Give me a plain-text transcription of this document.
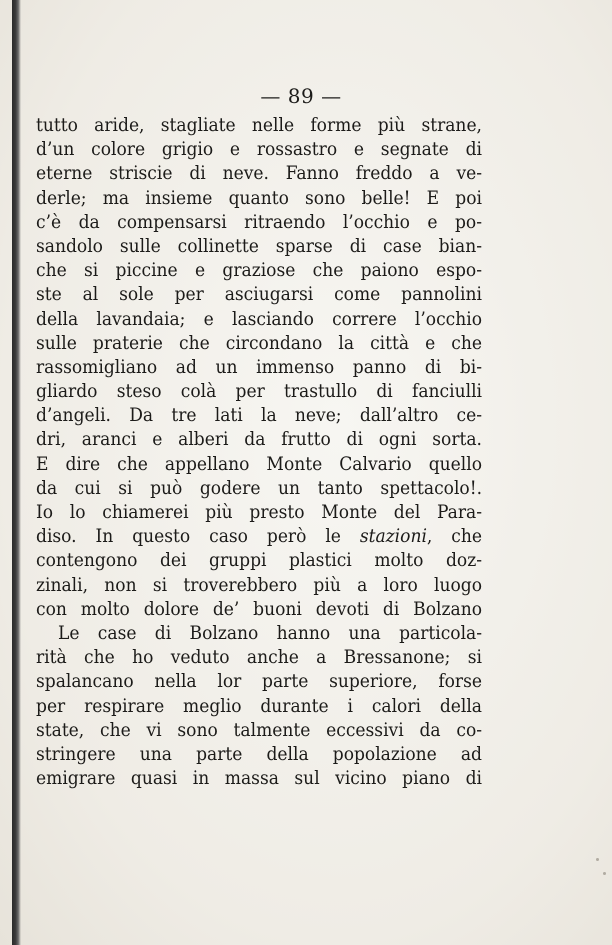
— 89 —
tutto aride, stagliate nelle forme più strane,
d’un colore grigio e rossastro e segnate di
eterne striscie di neve. Fanno freddo a ve-
derle; ma insieme quanto sono belle! E poi
c’è da compensarsi ritraendo l’occhio e po-
sandolo sulle collinette sparse di case bian-
che si piccine e graziose che paiono espo-
ste al sole per asciugarsi come pannolini
della lavandaia; e lasciando correre l’occhio
sulle praterie che circondano la città e che
rassomigliano ad un immenso panno di bi-
gliardo steso colà per trastullo di fanciulli
d’angeli. Da tre lati la neve; dall’altro ce-
dri, aranci e alberi da frutto di ogni sorta.
E dire che appellano Monte Calvario quello
da cui si può godere un tanto spettacolo!.
Io lo chiamerei più presto Monte del Para-
diso. In questo caso però le stazioni, che
contengono dei gruppi plastici molto doz-
zinali, non si troverebbero più a loro luogo
con molto dolore de’ buoni devoti di Bolzano
Le case di Bolzano hanno una particola-
rità che ho veduto anche a Bressanone; si
spalancano nella lor parte superiore, forse
per respirare meglio durante i calori della
state, che vi sono talmente eccessivi da co-
stringere una parte della popolazione ad
emigrare quasi in massa sul vicino piano di
